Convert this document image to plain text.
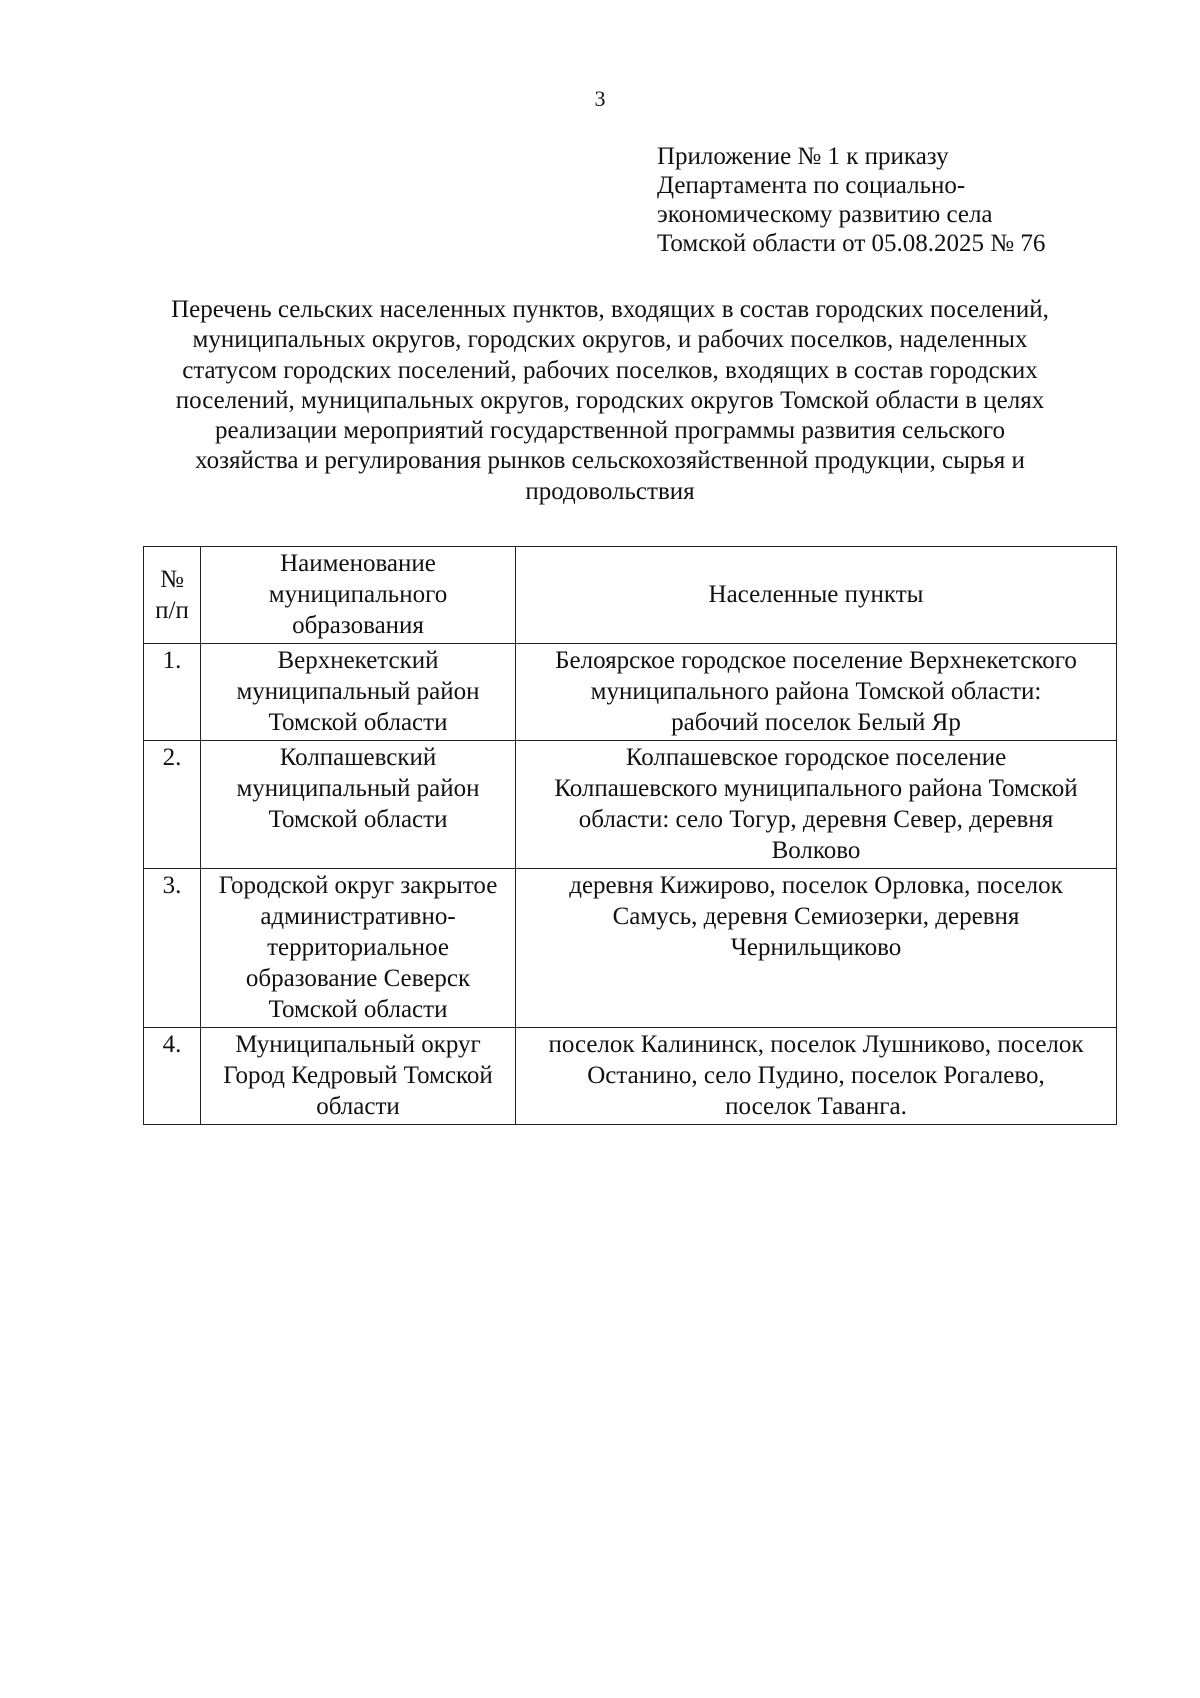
3
Приложение № 1 к приказу
Департамента по социально-
экономическому развитию села
Томской области от 05.08.2025 № 76
Перечень сельских населенных пунктов, входящих в состав городских поселений,
муниципальных округов, городских округов, и рабочих поселков, наделенных
статусом городских поселений, рабочих поселков, входящих в состав городских
поселений, муниципальных округов, городских округов Томской области в целях
реализации мероприятий государственной программы развития сельского
хозяйства и регулирования рынков сельскохозяйственной продукции, сырья и
продовольствия
№
п/п	Наименование
муниципального
образования	Населенные пункты

1.	Верхнекетский
муниципальный район
Томской области	Белоярское городское поселение Верхнекетского
муниципального района Томской области:
рабочий поселок Белый Яр

2.	Колпашевский
муниципальный район
Томской области	Колпашевское городское поселение
Колпашевского муниципального района Томской
области: село Тогур, деревня Север, деревня
Волково

3.	Городской округ закрытое
административно-
территориальное
образование Северск
Томской области	деревня Кижирово, поселок Орловка, поселок
Самусь, деревня Семиозерки, деревня
Чернильщиково

4.	Муниципальный округ
Город Кедровый Томской
области	поселок Калининск, поселок Лушниково, поселок
Останино, село Пудино, поселок Рогалево,
поселок Таванга.
